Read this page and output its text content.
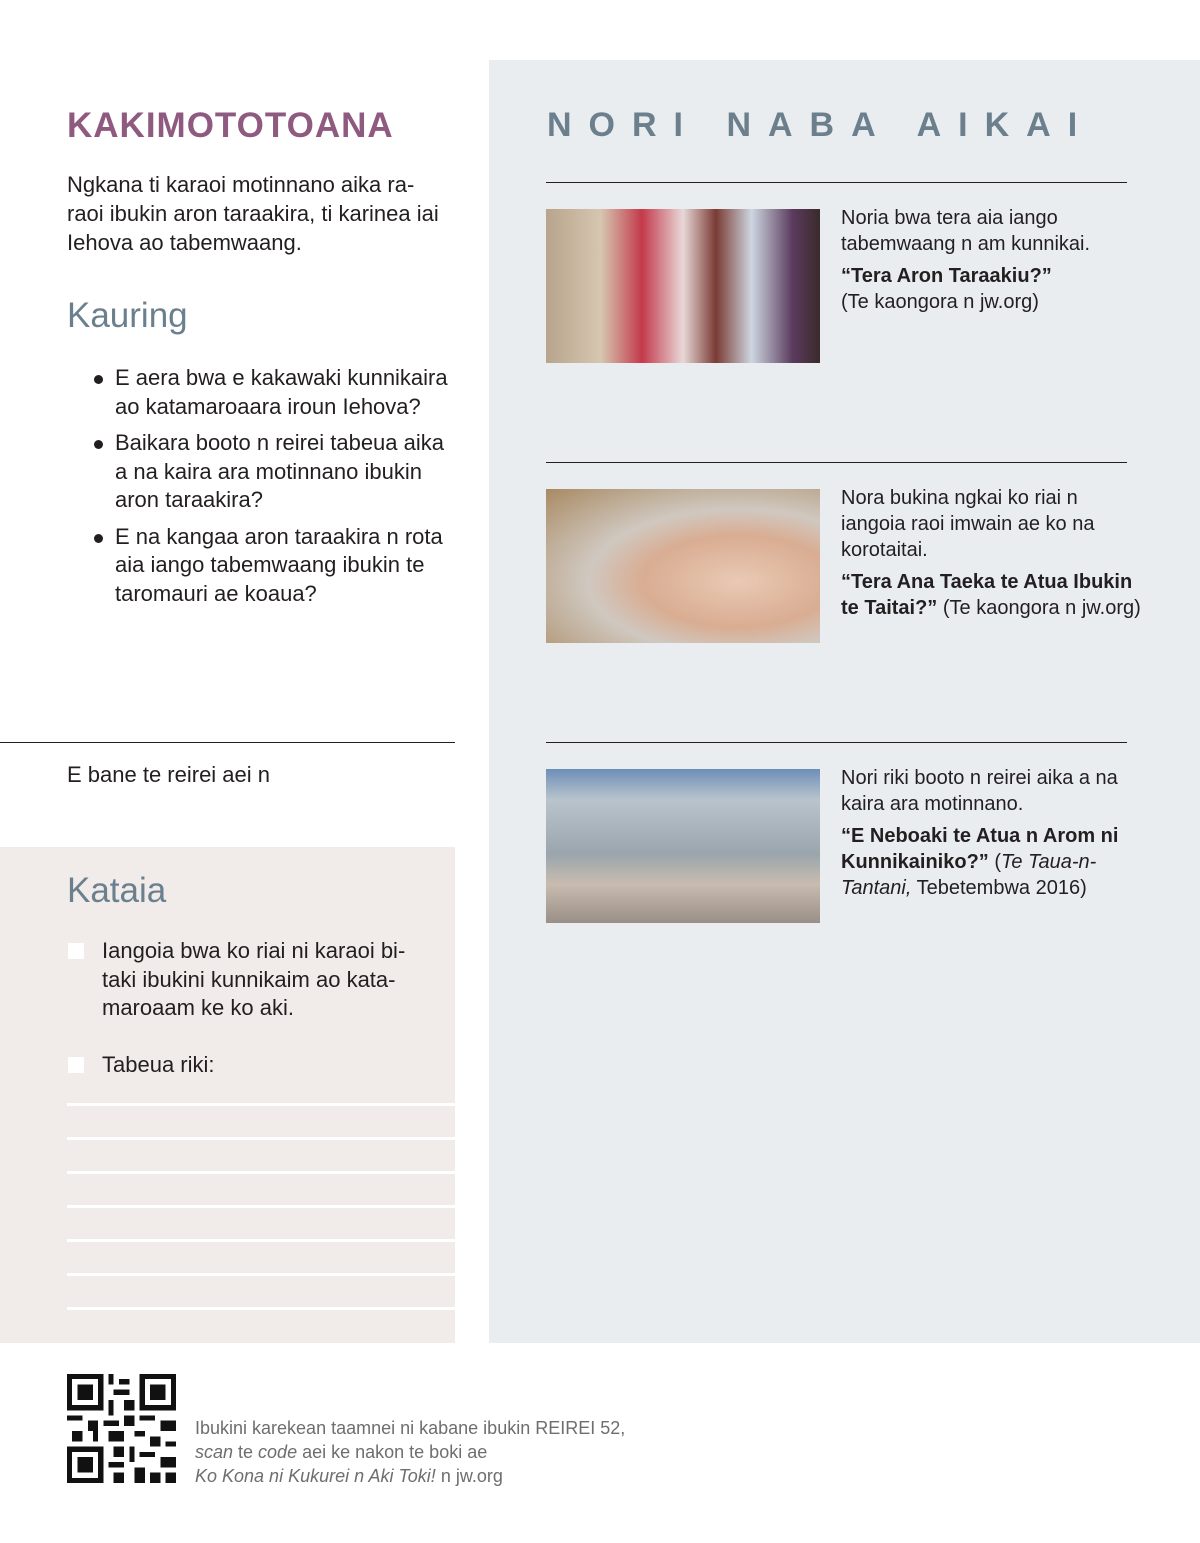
KAKIMOTOTOANA

Ngkana ti karaoi motinnano aika ra-raoi ibukin aron taraakira, ti karinea iai Iehova ao tabemwaang.

Kauring
E aera bwa e kakawaki kunnikaira ao katamaroaara iroun Iehova?
Baikara booto n reirei tabeua aika a na kaira ara motinnano ibukin aron taraakira?
E na kangaa aron taraakira n rota aia iango tabemwaang ibukin te taromauri ae koaua?

E bane te reirei aei n

Kataia
Iangoia bwa ko riai ni karaoi bi-taki ibukini kunnikaim ao kata-maroaam ke ko aki.
Tabeua riki:
NORI NABA AIKAI

Noria bwa tera aia iango tabemwaang n am kunnikai.

“Tera Aron Taraakiu?”
(Te kaongora n jw.org)

Nora bukina ngkai ko riai n iangoia raoi imwain ae ko na korotaitai.

“Tera Ana Taeka te Atua Ibukin te Taitai?” (Te kaongora n jw.org)

Nori riki booto n reirei aika a na kaira ara motinnano.

“E Neboaki te Atua n Arom ni Kunnikainiko?” (Te Taua-n-Tantani, Tebetembwa 2016)

Ibukini karekean taamnei ni kabane ibukin REIREI 52,
scan te code aei ke nakon te boki ae
Ko Kona ni Kukurei n Aki Toki! n jw.org
